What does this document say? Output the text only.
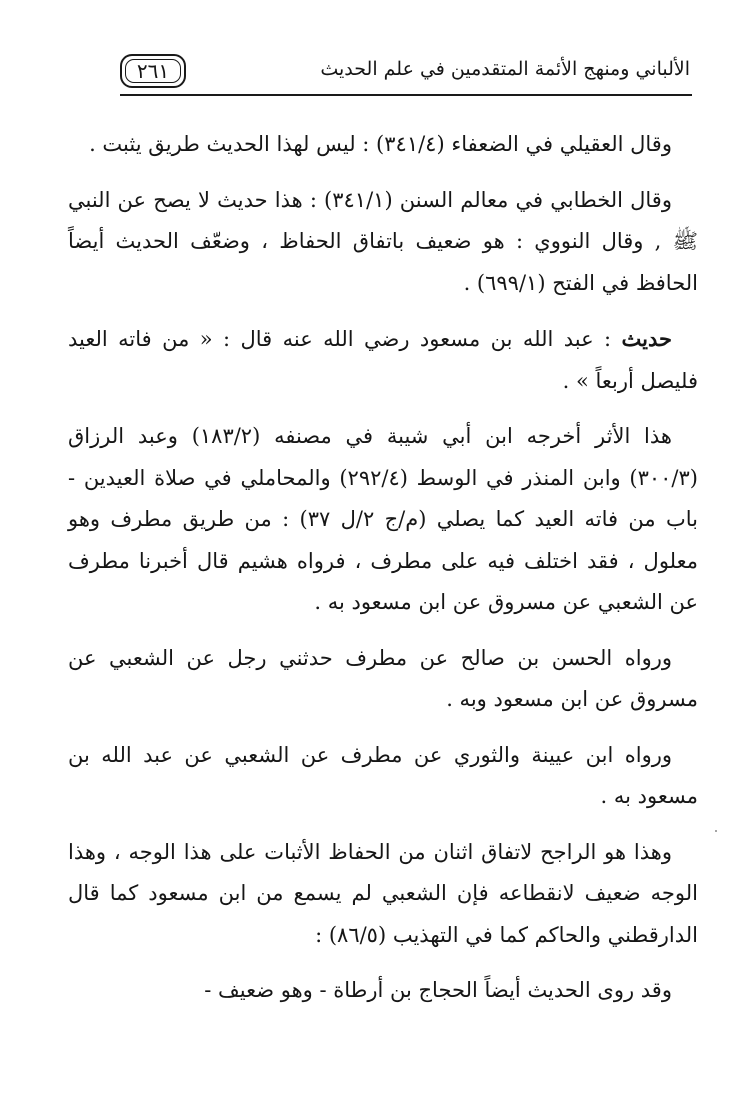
٢٦١	الألباني ومنهج الأئمة المتقدمين في علم الحديث

وقال العقيلي في الضعفاء (٣٤١/٤) : ليس لهذا الحديث طريق يثبت .

وقال الخطابي في معالم السنن (٣٤١/١) : هذا حديث لا يصح عن النبي ﷺ , وقال النووي : هو ضعيف باتفاق الحفاظ ، وضعّف الحديث أيضاً الحافظ في الفتح (٦٩٩/١) .

حديث : عبد الله بن مسعود رضي الله عنه قال : « من فاته العيد فليصل أربعاً » .

هذا الأثر أخرجه ابن أبي شيبة في مصنفه (١٨٣/٢) وعبد الرزاق (٣٠٠/٣) وابن المنذر في الوسط (٢٩٢/٤) والمحاملي في صلاة العيدين - باب من فاته العيد كما يصلي (م/ج ٢/ل ٣٧) : من طريق مطرف وهو معلول ، فقد اختلف فيه على مطرف ، فرواه هشيم قال أخبرنا مطرف عن الشعبي عن مسروق عن ابن مسعود به .

ورواه الحسن بن صالح عن مطرف حدثني رجل عن الشعبي عن مسروق عن ابن مسعود وبه .

ورواه ابن عيينة والثوري عن مطرف عن الشعبي عن عبد الله بن مسعود به .

وهذا هو الراجح لاتفاق اثنان من الحفاظ الأثبات على هذا الوجه ، وهذا الوجه ضعيف لانقطاعه فإن الشعبي لم يسمع من ابن مسعود كما قال الدارقطني والحاكم كما في التهذيب (٨٦/٥) :

وقد روى الحديث أيضاً الحجاج بن أرطاة - وهو ضعيف -
